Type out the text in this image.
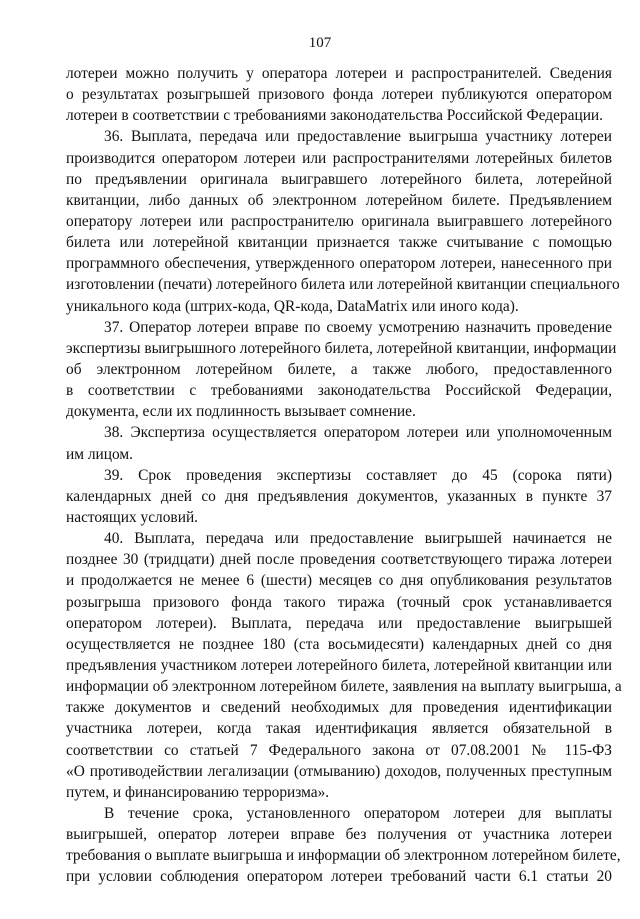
107
лотереи можно получить у оператора лотереи и распространителей. Сведения
о результатах розыгрышей призового фонда лотереи публикуются оператором
лотереи в соответствии с требованиями законодательства Российской Федерации.
36. Выплата, передача или предоставление выигрыша участнику лотереи
производится оператором лотереи или распространителями лотерейных билетов
по предъявлении оригинала выигравшего лотерейного билета, лотерейной
квитанции, либо данных об электронном лотерейном билете. Предъявлением
оператору лотереи или распространителю оригинала выигравшего лотерейного
билета или лотерейной квитанции признается также считывание с помощью
программного обеспечения, утвержденного оператором лотереи, нанесенного при
изготовлении (печати) лотерейного билета или лотерейной квитанции специального
уникального кода (штрих-кода, QR-кода, DataMatrix или иного кода).
37. Оператор лотереи вправе по своему усмотрению назначить проведение
экспертизы выигрышного лотерейного билета, лотерейной квитанции, информации
об электронном лотерейном билете, а также любого, предоставленного
в соответствии с требованиями законодательства Российской Федерации,
документа, если их подлинность вызывает сомнение.
38. Экспертиза осуществляется оператором лотереи или уполномоченным
им лицом.
39. Срок проведения экспертизы составляет до 45 (сорока пяти)
календарных дней со дня предъявления документов, указанных в пункте 37
настоящих условий.
40. Выплата, передача или предоставление выигрышей начинается не
позднее 30 (тридцати) дней после проведения соответствующего тиража лотереи
и продолжается не менее 6 (шести) месяцев со дня опубликования результатов
розыгрыша призового фонда такого тиража (точный срок устанавливается
оператором лотереи). Выплата, передача или предоставление выигрышей
осуществляется не позднее 180 (ста восьмидесяти) календарных дней со дня
предъявления участником лотереи лотерейного билета, лотерейной квитанции или
информации об электронном лотерейном билете, заявления на выплату выигрыша, а
также документов и сведений необходимых для проведения идентификации
участника лотереи, когда такая идентификация является обязательной в
соответствии со статьей 7 Федерального закона от 07.08.2001 № 115-ФЗ
«О противодействии легализации (отмыванию) доходов, полученных преступным
путем, и финансированию терроризма».
В течение срока, установленного оператором лотереи для выплаты
выигрышей, оператор лотереи вправе без получения от участника лотереи
требования о выплате выигрыша и информации об электронном лотерейном билете,
при условии соблюдения оператором лотереи требований части 6.1 статьи 20
